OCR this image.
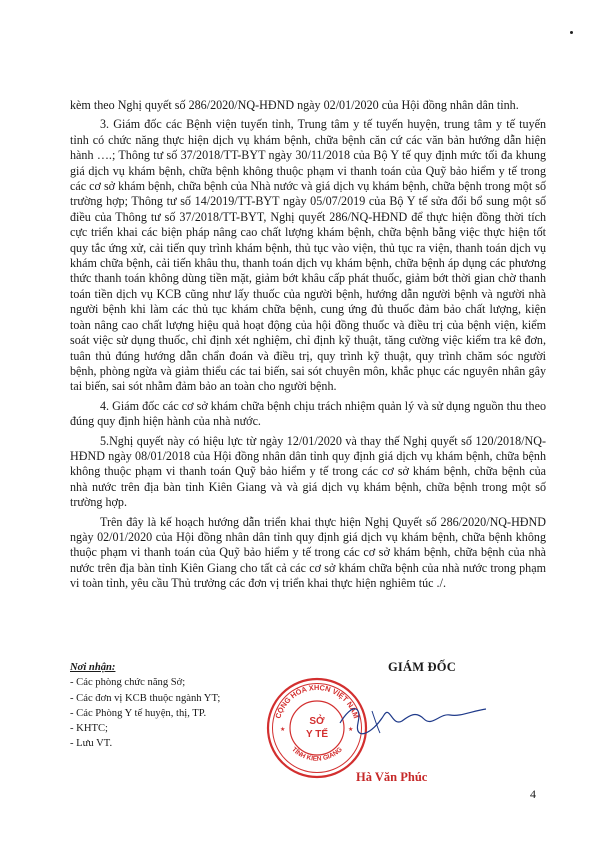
kèm theo Nghị quyết số 286/2020/NQ-HĐND ngày 02/01/2020 của Hội đồng nhân dân tỉnh.

3. Giám đốc các Bệnh viện tuyến tỉnh, Trung tâm y tế tuyến huyện, trung tâm y tế tuyến tỉnh có chức năng thực hiện dịch vụ khám bệnh, chữa bệnh căn cứ các văn bản hướng dẫn hiện hành ….; Thông tư số 37/2018/TT-BYT ngày 30/11/2018 của Bộ Y tế quy định mức tối đa khung giá dịch vụ khám bệnh, chữa bệnh không thuộc phạm vi thanh toán của Quỹ bảo hiểm y tế trong các cơ sở khám bệnh, chữa bệnh của Nhà nước và giá dịch vụ khám bệnh, chữa bệnh trong một số trường hợp; Thông tư số 14/2019/TT-BYT ngày 05/07/2019 của Bộ Y tế sửa đổi bổ sung một số điều của Thông tư số 37/2018/TT-BYT, Nghị quyết 286/NQ-HĐND để thực hiện đồng thời tích cực triển khai các biện pháp nâng cao chất lượng khám bệnh, chữa bệnh bằng việc thực hiện tốt quy tắc ứng xử, cải tiến quy trình khám bệnh, thủ tục vào viện, thủ tục ra viện, thanh toán dịch vụ khám chữa bệnh, cải tiến khâu thu, thanh toán dịch vụ khám bệnh, chữa bệnh áp dụng các phương thức thanh toán không dùng tiền mặt, giảm bớt khâu cấp phát thuốc, giảm bớt thời gian chờ thanh toán tiền dịch vụ KCB cũng như lấy thuốc của người bệnh, hướng dẫn người bệnh và người nhà người bệnh khi làm các thủ tục khám chữa bệnh, cung ứng đủ thuốc đảm bảo chất lượng, kiện toàn nâng cao chất lượng hiệu quả hoạt động của hội đồng thuốc và điều trị của bệnh viện, kiểm soát việc sử dụng thuốc, chỉ định xét nghiệm, chỉ định kỹ thuật, tăng cường việc kiểm tra kê đơn, tuân thủ đúng hướng dẫn chẩn đoán và điều trị, quy trình kỹ thuật, quy trình chăm sóc người bệnh, phòng ngừa và giảm thiểu các tai biến, sai sót chuyên môn, khắc phục các nguyên nhân gây tai biến, sai sót nhằm đảm bảo an toàn cho người bệnh.

4. Giám đốc các cơ sở khám chữa bệnh chịu trách nhiệm quản lý và sử dụng nguồn thu theo đúng quy định hiện hành của nhà nước.

5.Nghị quyết này có hiệu lực từ ngày 12/01/2020 và thay thế Nghị quyết số 120/2018/NQ-HĐND ngày 08/01/2018 của Hội đồng nhân dân tỉnh quy định giá dịch vụ khám bệnh, chữa bệnh không thuộc phạm vi thanh toán Quỹ bảo hiểm y tế trong các cơ sở khám bệnh, chữa bệnh của nhà nước trên địa bàn tỉnh Kiên Giang và và giá dịch vụ khám bệnh, chữa bệnh trong một số trường hợp.

Trên đây là kế hoạch hướng dẫn triển khai thực hiện Nghị Quyết số 286/2020/NQ-HĐND ngày 02/01/2020 của Hội đồng nhân dân tỉnh quy định giá dịch vụ khám bệnh, chữa bệnh không thuộc phạm vi thanh toán của Quỹ bảo hiểm y tế trong các cơ sở khám bệnh, chữa bệnh của nhà nước trên địa bàn tỉnh Kiên Giang cho tất cả các cơ sở khám chữa bệnh của nhà nước trong phạm vi toàn tỉnh, yêu cầu Thủ trưởng các đơn vị triển khai thực hiện nghiêm túc ./.

Nơi nhận:
- Các phòng chức năng Sở;
- Các đơn vị KCB thuộc ngành YT;
- Các Phòng Y tế huyện, thị, TP.
- KHTC;
- Lưu VT.
GIÁM ĐỐC
CỘNG HÒA XHCN VIỆT NAM
TỈNH KIÊN GIANG
SỞ
Y TẾ
★	★
Hà Văn Phúc
4
